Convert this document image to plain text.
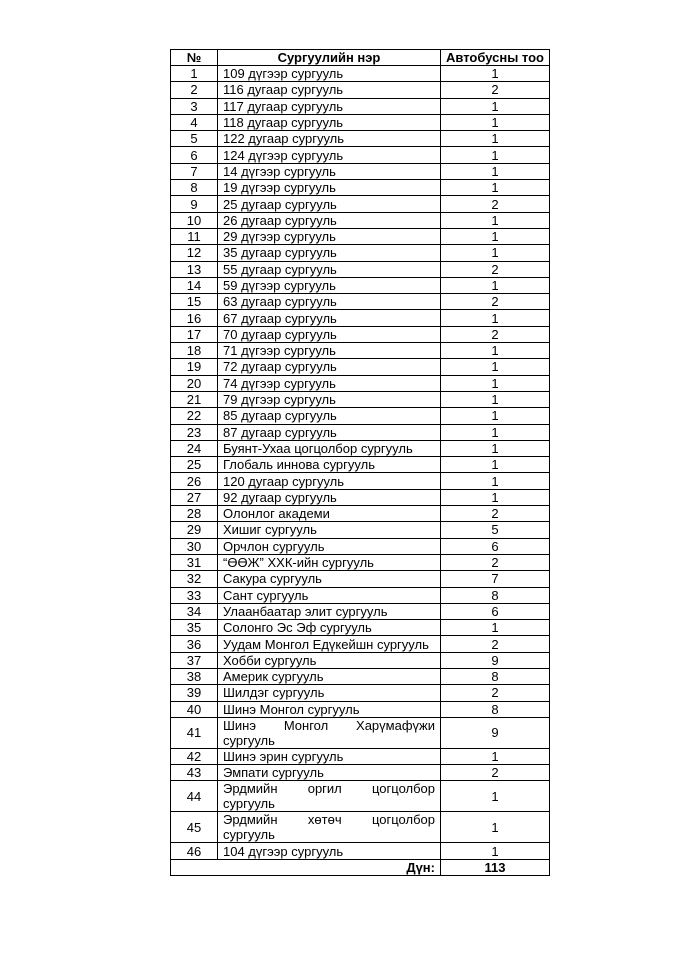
№	Сургуулийн нэр	Автобусны тоо
1	109 дүгээр сургууль	1
2	116 дугаар сургууль	2
3	117 дугаар сургууль	1
4	118 дугаар сургууль	1
5	122 дугаар сургууль	1
6	124 дүгээр сургууль	1
7	14 дүгээр сургууль	1
8	19 дүгээр сургууль	1
9	25 дугаар сургууль	2
10	26 дугаар сургууль	1
11	29 дүгээр сургууль	1
12	35 дугаар сургууль	1
13	55 дугаар сургууль	2
14	59 дүгээр сургууль	1
15	63 дугаар сургууль	2
16	67 дугаар сургууль	1
17	70 дугаар сургууль	2
18	71 дүгээр сургууль	1
19	72 дугаар сургууль	1
20	74 дүгээр сургууль	1
21	79 дүгээр сургууль	1
22	85 дугаар сургууль	1
23	87 дугаар сургууль	1
24	Буянт-Ухаа цогцолбор сургууль	1
25	Глобаль иннова сургууль	1
26	120 дугаар сургууль	1
27	92 дугаар сургууль	1
28	Олонлог академи	2
29	Хишиг сургууль	5
30	Орчлон сургууль	6
31	“ӨӨЖ” ХХК-ийн сургууль	2
32	Сакура сургууль	7
33	Сант сургууль	8
34	Улаанбаатар элит сургууль	6
35	Солонго Эс Эф сургууль	1
36	Уудам Монгол Едүкейшн сургууль	2
37	Хобби сургууль	9
38	Америк сургууль	8
39	Шилдэг сургууль	2
40	Шинэ Монгол сургууль	8
41	Шинэ Монгол Харүмафүжи сургууль	9
42	Шинэ эрин сургууль	1
43	Эмпати сургууль	2
44	Эрдмийн оргил цогцолбор сургууль	1
45	Эрдмийн хөтөч цогцолбор сургууль	1
46	104 дүгээр сургууль	1
Дүн:		113
